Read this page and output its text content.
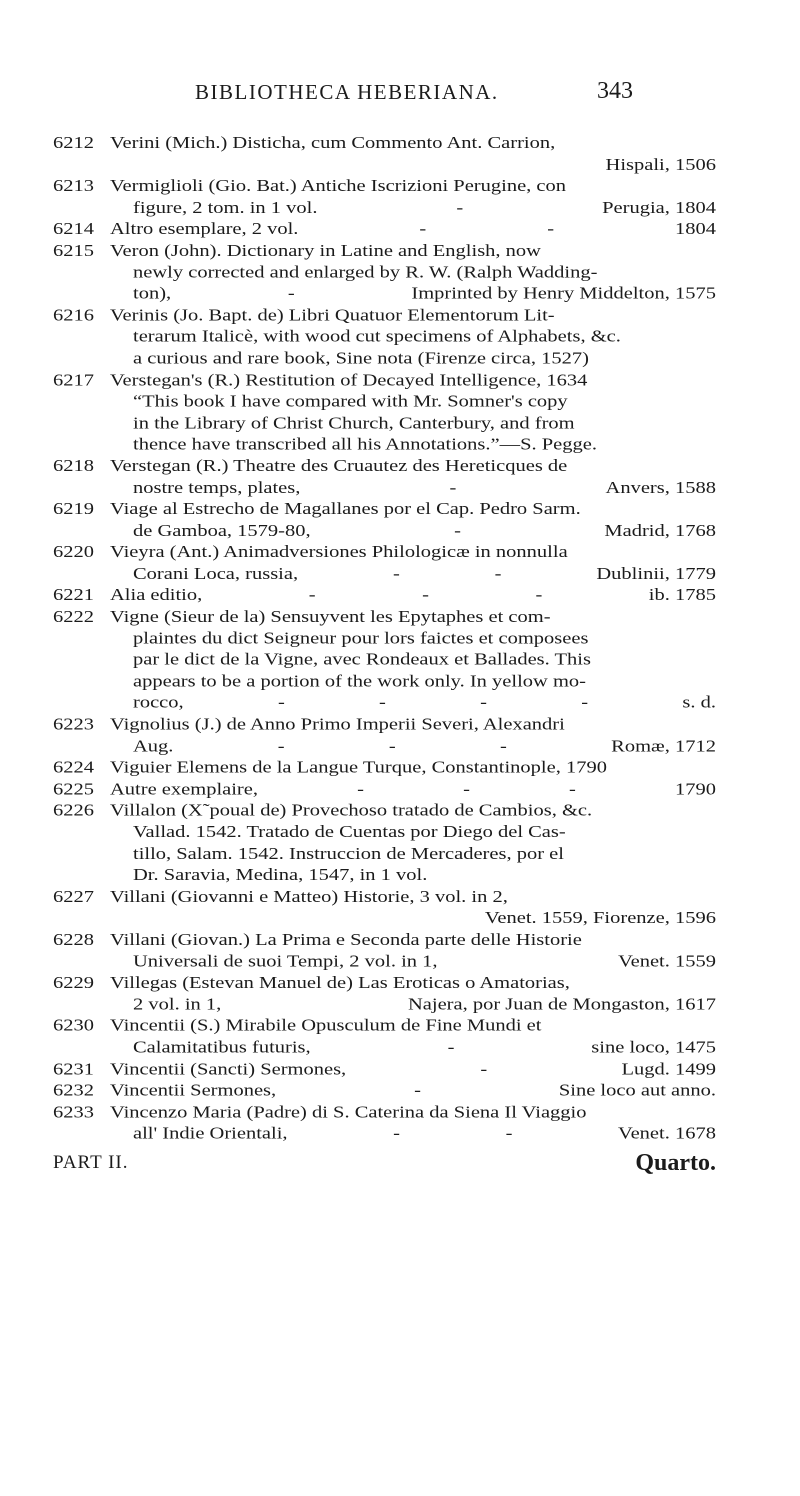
BIBLIOTHECA HEBERIANA.	343
6212 Verini (Mich.) Disticha, cum Commento Ant. Carrion,
Hispali, 1506
6213 Vermiglioli (Gio. Bat.) Antiche Iscrizioni Perugine, con
figure, 2 tom. in 1 vol.	-	Perugia, 1804
6214 Altro esemplare, 2 vol.	-	-	1804
6215 Veron (John). Dictionary in Latine and English, now
newly corrected and enlarged by R. W. (Ralph Wadding-
ton),	-	Imprinted by Henry Middelton, 1575
6216 Verinis (Jo. Bapt. de) Libri Quatuor Elementorum Lit-
terarum Italicè, with wood cut specimens of Alphabets, &c.
a curious and rare book, Sine nota (Firenze circa, 1527)
6217 Verstegan's (R.) Restitution of Decayed Intelligence, 1634
“This book I have compared with Mr. Somner's copy
in the Library of Christ Church, Canterbury, and from
thence have transcribed all his Annotations.”—S. Pegge.
6218 Verstegan (R.) Theatre des Cruautez des Hereticques de
nostre temps, plates,	-	Anvers, 1588
6219 Viage al Estrecho de Magallanes por el Cap. Pedro Sarm.
de Gamboa, 1579-80,	-	Madrid, 1768
6220 Vieyra (Ant.) Animadversiones Philologicæ in nonnulla
Corani Loca, russia,	-	-	Dublinii, 1779
6221 Alia editio,	-	-	-	ib. 1785
6222 Vigne (Sieur de la) Sensuyvent les Epytaphes et com-
plaintes du dict Seigneur pour lors faictes et composees
par le dict de la Vigne, avec Rondeaux et Ballades. This
appears to be a portion of the work only. In yellow mo-
rocco,	-	-	-	-	s. d.
6223 Vignolius (J.) de Anno Primo Imperii Severi, Alexandri
Aug.	-	-	-	Romæ, 1712
6224 Viguier Elemens de la Langue Turque, Constantinople, 1790
6225 Autre exemplaire,	-	-	-	1790
6226 Villalon (X˜poual de) Provechoso tratado de Cambios, &c.
Vallad. 1542. Tratado de Cuentas por Diego del Cas-
tillo, Salam. 1542. Instruccion de Mercaderes, por el
Dr. Saravia, Medina, 1547, in 1 vol.
6227 Villani (Giovanni e Matteo) Historie, 3 vol. in 2,
Venet. 1559, Fiorenze, 1596
6228 Villani (Giovan.) La Prima e Seconda parte delle Historie
Universali de suoi Tempi, 2 vol. in 1,	Venet. 1559
6229 Villegas (Estevan Manuel de) Las Eroticas o Amatorias,
2 vol. in 1,	Najera, por Juan de Mongaston, 1617
6230 Vincentii (S.) Mirabile Opusculum de Fine Mundi et
Calamitatibus futuris,	-	sine loco, 1475
6231 Vincentii (Sancti) Sermones,	-	Lugd. 1499
6232 Vincentii Sermones,	-	Sine loco aut anno.
6233 Vincenzo Maria (Padre) di S. Caterina da Siena Il Viaggio
all' Indie Orientali,	-	-	Venet. 1678
PART II.	Quarto.
